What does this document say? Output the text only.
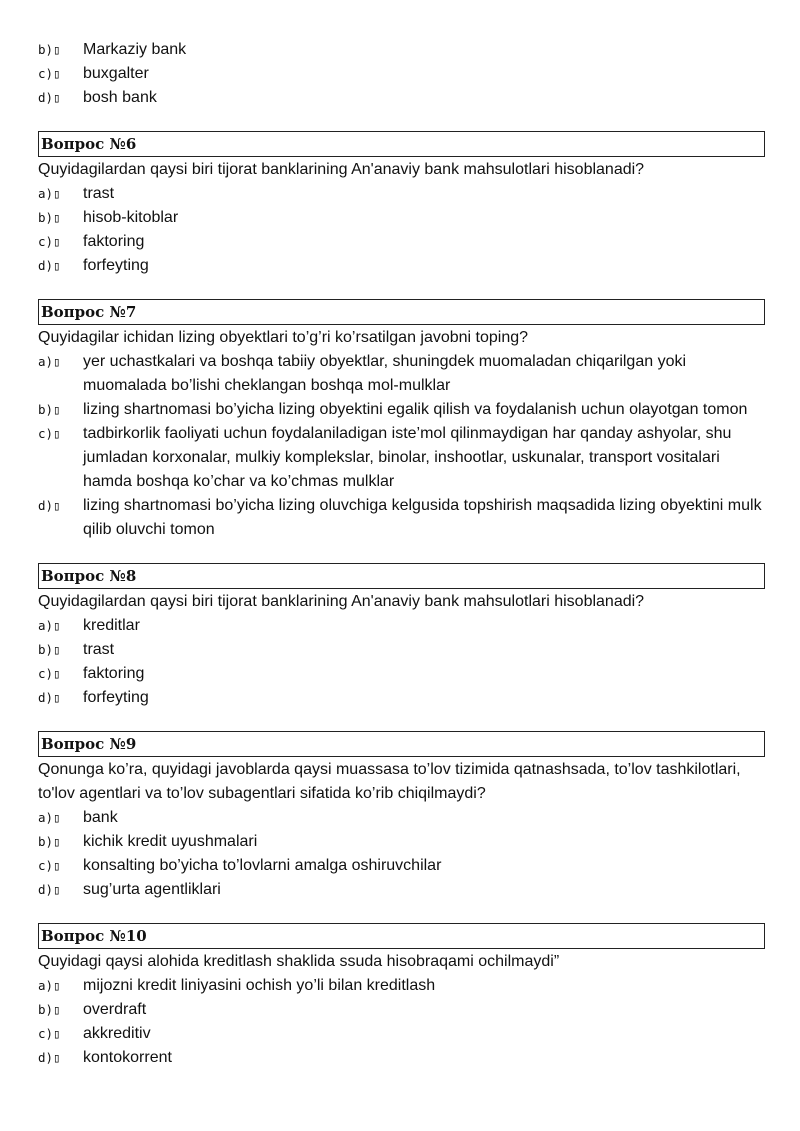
b)▯	Markaziy bank
c)▯	buxgalter
d)▯	bosh bank
Вопрос №6
Quyidagilardan qaysi biri tijorat banklarining An'anaviy bank mahsulotlari hisoblanadi?
a)▯	trast
b)▯	hisob-kitoblar
c)▯	faktoring
d)▯	forfeyting
Вопрос №7
Quyidagilar ichidan lizing obyektlari to’g’ri ko’rsatilgan javobni toping?
a)▯	yer uchastkalari va boshqa tabiiy obyektlar, shuningdek muomaladan chiqarilgan yoki muomalada bo’lishi cheklangan boshqa mol-mulklar
b)▯	lizing shartnomasi bo’yicha lizing obyektini egalik qilish va foydalanish uchun olayotgan tomon
c)▯	tadbirkorlik faoliyati uchun foydalaniladigan iste’mol qilinmaydigan har qanday ashyolar, shu jumladan korxonalar, mulkiy komplekslar, binolar, inshootlar, uskunalar, transport vositalari hamda boshqa ko’char va ko’chmas mulklar
d)▯	lizing shartnomasi bo’yicha lizing oluvchiga kelgusida topshirish maqsadida lizing obyektini mulk qilib oluvchi tomon
Вопрос №8
Quyidagilardan qaysi biri tijorat banklarining An'anaviy bank mahsulotlari hisoblanadi?
a)▯	kreditlar
b)▯	trast
c)▯	faktoring
d)▯	forfeyting
Вопрос №9
Qonunga ko’ra, quyidagi javoblarda qaysi muassasa to’lov tizimida qatnashsada, to’lov tashkilotlari, to'lov agentlari va to’lov subagentlari sifatida ko’rib chiqilmaydi?
a)▯	bank
b)▯	kichik kredit uyushmalari
c)▯	konsalting bo’yicha to’lovlarni amalga oshiruvchilar
d)▯	sug’urta agentliklari
Вопрос №10
Quyidagi qaysi alohida kreditlash shaklida ssuda hisobraqami ochilmaydi”
a)▯	mijozni kredit liniyasini ochish yo’li bilan kreditlash
b)▯	overdraft
c)▯	akkreditiv
d)▯	kontokorrent
